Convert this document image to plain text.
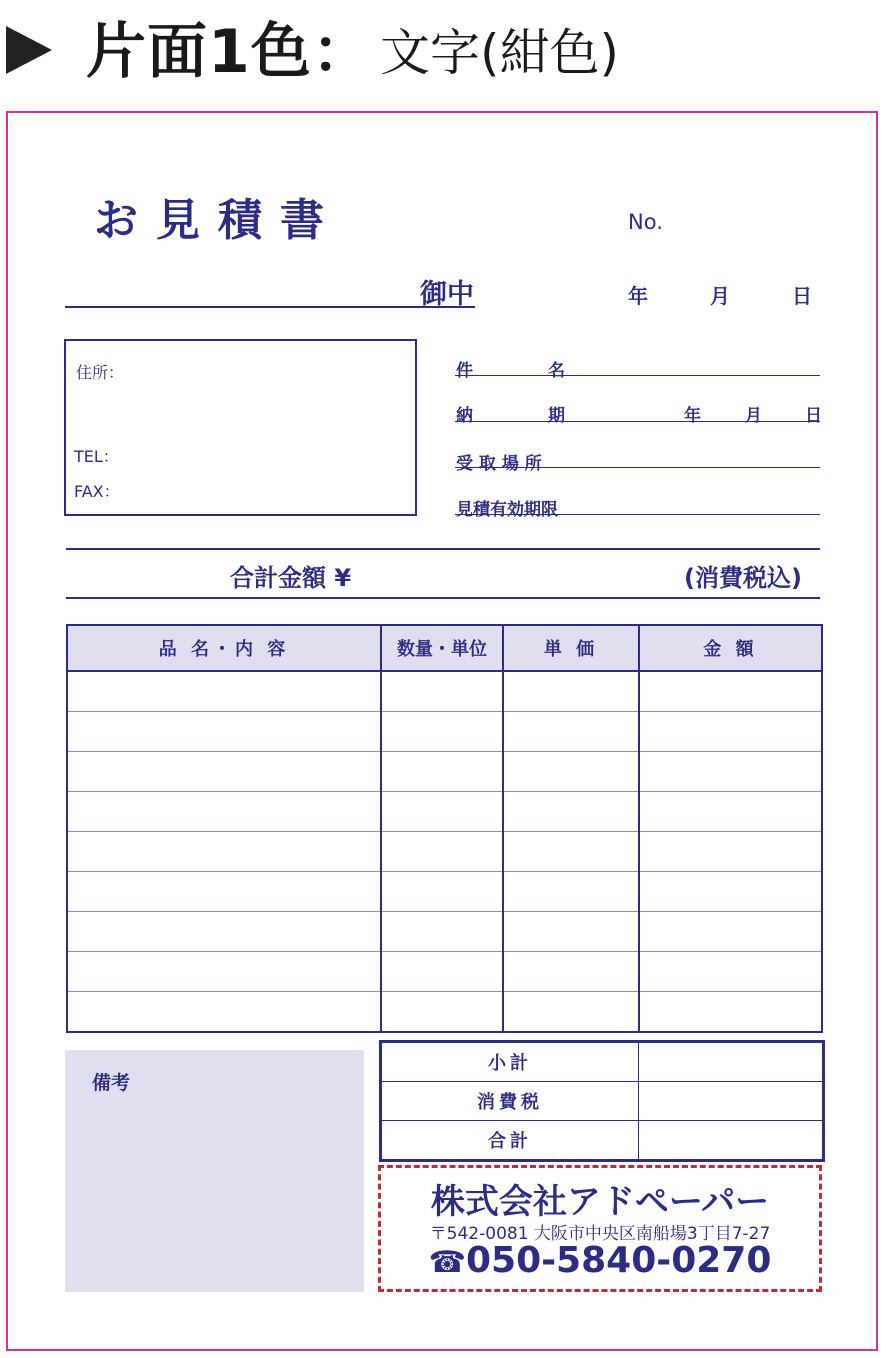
片面1色： 文字(紺色)
お見積書	No.
御中	年	月	日
住所：
TEL：
FAX：
件	名
納	期	年	月	日
受 取 場 所
見積有効期限
合計金額 ¥	(消費税込)
品 名・内 容	数量・単位	単 価	金 額

備考
小計	
消費税	
合計	
株式会社アドペーパー
〒542-0081 大阪市中央区南船場3丁目7-27
☎050-5840-0270
